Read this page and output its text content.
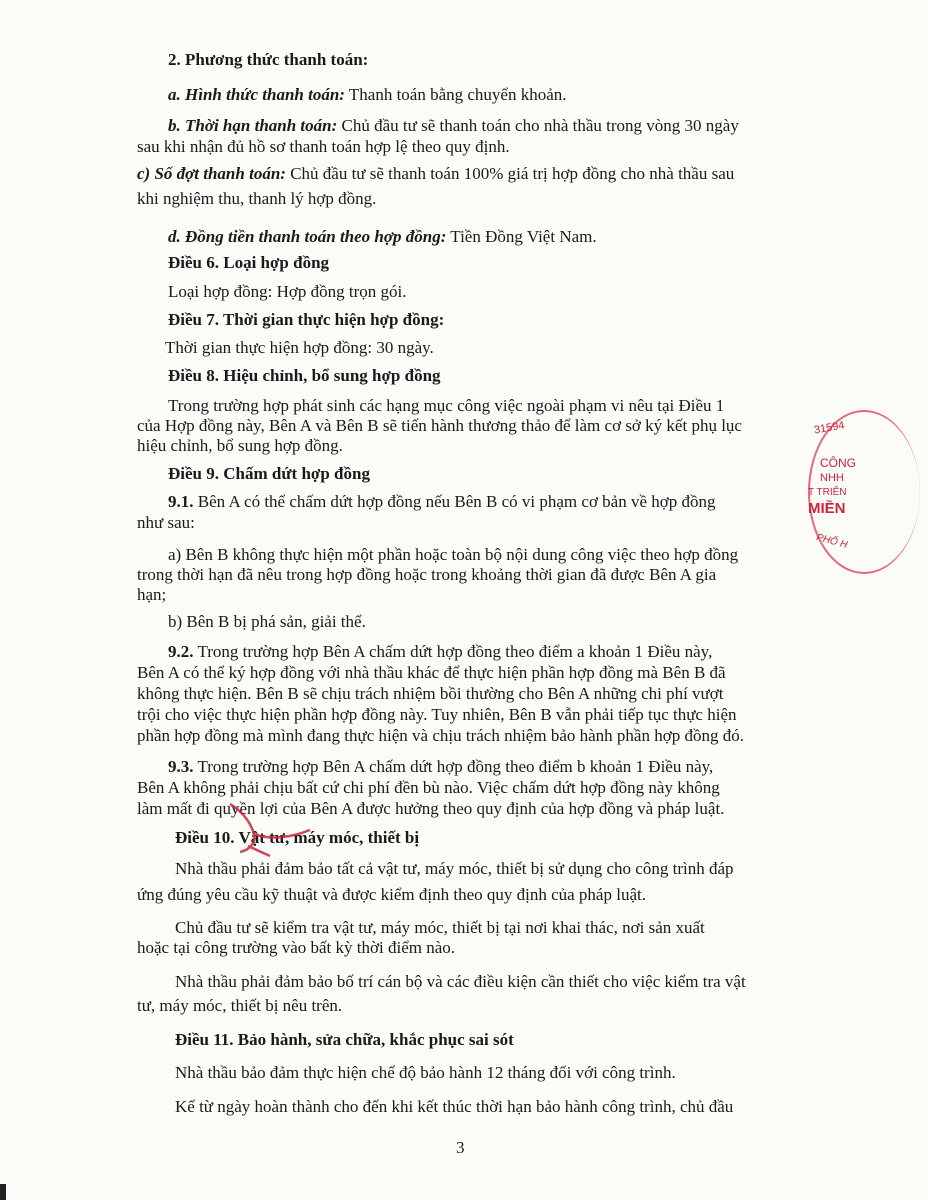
2. Phương thức thanh toán:
a. Hình thức thanh toán: Thanh toán bằng chuyển khoản.
b. Thời hạn thanh toán: Chủ đầu tư sẽ thanh toán cho nhà thầu trong vòng 30 ngày
sau khi nhận đủ hồ sơ thanh toán hợp lệ theo quy định.
c) Số đợt thanh toán: Chủ đầu tư sẽ thanh toán 100% giá trị hợp đồng cho nhà thầu sau
khi nghiệm thu, thanh lý hợp đồng.
d. Đồng tiền thanh toán theo hợp đồng: Tiền Đồng Việt Nam.
Điều 6. Loại hợp đồng
Loại hợp đồng: Hợp đồng trọn gói.
Điều 7. Thời gian thực hiện hợp đồng:
Thời gian thực hiện hợp đồng: 30 ngày.
Điều 8. Hiệu chỉnh, bổ sung hợp đồng
Trong trường hợp phát sinh các hạng mục công việc ngoài phạm vi nêu tại Điều 1
của Hợp đồng này, Bên A và Bên B sẽ tiến hành thương thảo để làm cơ sở ký kết phụ lục
hiệu chỉnh, bổ sung hợp đồng.
Điều 9. Chấm dứt hợp đồng
9.1. Bên A có thể chấm dứt hợp đồng nếu Bên B có vi phạm cơ bản về hợp đồng
như sau:
a) Bên B không thực hiện một phần hoặc toàn bộ nội dung công việc theo hợp đồng
trong thời hạn đã nêu trong hợp đồng hoặc trong khoảng thời gian đã được Bên A gia
hạn;
b) Bên B bị phá sản, giải thể.
9.2. Trong trường hợp Bên A chấm dứt hợp đồng theo điểm a khoản 1 Điều này,
Bên A có thể ký hợp đồng với nhà thầu khác để thực hiện phần hợp đồng mà Bên B đã
không thực hiện. Bên B sẽ chịu trách nhiệm bồi thường cho Bên A những chi phí vượt
trội cho việc thực hiện phần hợp đồng này. Tuy nhiên, Bên B vẫn phải tiếp tục thực hiện
phần hợp đồng mà mình đang thực hiện và chịu trách nhiệm bảo hành phần hợp đồng đó.
9.3. Trong trường hợp Bên A chấm dứt hợp đồng theo điểm b khoản 1 Điều này,
Bên A không phải chịu bất cứ chi phí đền bù nào. Việc chấm dứt hợp đồng này không
làm mất đi quyền lợi của Bên A được hưởng theo quy định của hợp đồng và pháp luật.
Điều 10. Vật tư, máy móc, thiết bị
Nhà thầu phải đảm bảo tất cả vật tư, máy móc, thiết bị sử dụng cho công trình đáp
ứng đúng yêu cầu kỹ thuật và được kiểm định theo quy định của pháp luật.
Chủ đầu tư sẽ kiểm tra vật tư, máy móc, thiết bị tại nơi khai thác, nơi sản xuất
hoặc tại công trường vào bất kỳ thời điểm nào.
Nhà thầu phải đảm bảo bố trí cán bộ và các điều kiện cần thiết cho việc kiểm tra vật
tư, máy móc, thiết bị nêu trên.
Điều 11. Bảo hành, sửa chữa, khắc phục sai sót
Nhà thầu bảo đảm thực hiện chế độ bảo hành 12 tháng đối với công trình.
Kể từ ngày hoàn thành cho đến khi kết thúc thời hạn bảo hành công trình, chủ đầu
3
31594
CÔNG
NHH
T TRIỂN
MIỀN
PHỐ H
